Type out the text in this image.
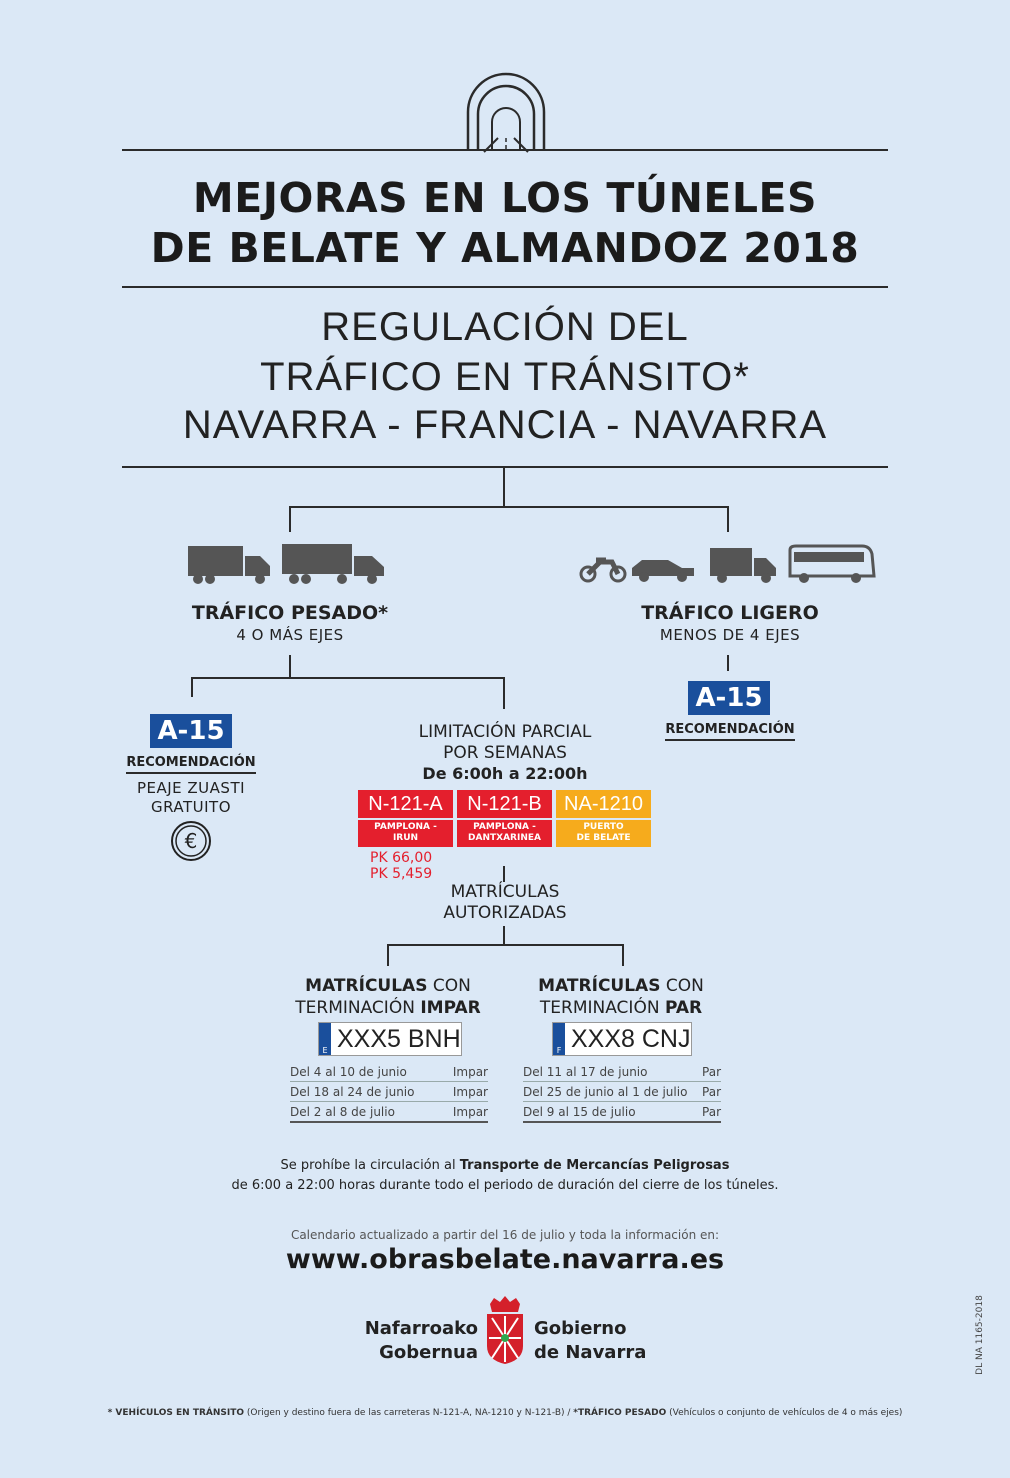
MEJORAS EN LOS TÚNELES
DE BELATE Y ALMANDOZ 2018
REGULACIÓN DEL
TRÁFICO EN TRÁNSITO*
NAVARRA - FRANCIA - NAVARRA
TRÁFICO PESADO*
4 O MÁS EJES
TRÁFICO LIGERO
MENOS DE 4 EJES
A-15
RECOMENDACIÓN
PEAJE ZUASTI
GRATUITO
€
A-15
RECOMENDACIÓN
LIMITACIÓN PARCIAL
POR SEMANAS
De 6:00h a 22:00h
N-121-A
PAMPLONA -
IRUN
N-121-B
PAMPLONA -
DANTXARINEA
NA-1210
PUERTO
DE BELATE
PK 66,00
PK 5,459
MATRÍCULAS
AUTORIZADAS
MATRÍCULAS CON
TERMINACIÓN IMPAR
E XXX5 BNH
Del 4 al 10 de junio	Impar
Del 18 al 24 de junio	Impar
Del 2 al 8 de julio	Impar
MATRÍCULAS CON
TERMINACIÓN PAR
F XXX8 CNJ
Del 11 al 17 de junio	Par
Del 25 de junio al 1 de julio Par
Del 9 al 15 de julio	Par
Se prohíbe la circulación al Transporte de Mercancías Peligrosas
de 6:00 a 22:00 horas durante todo el periodo de duración del cierre de los túneles.
Calendario actualizado a partir del 16 de julio y toda la información en:
www.obrasbelate.navarra.es
Nafarroako
Gobernua
Gobierno
de Navarra	DL NA 1165-2018
* VEHÍCULOS EN TRÁNSITO (Origen y destino fuera de las carreteras N-121-A, NA-1210 y N-121-B) / *TRÁFICO PESADO (Vehículos o conjunto de vehículos de 4 o más ejes)
